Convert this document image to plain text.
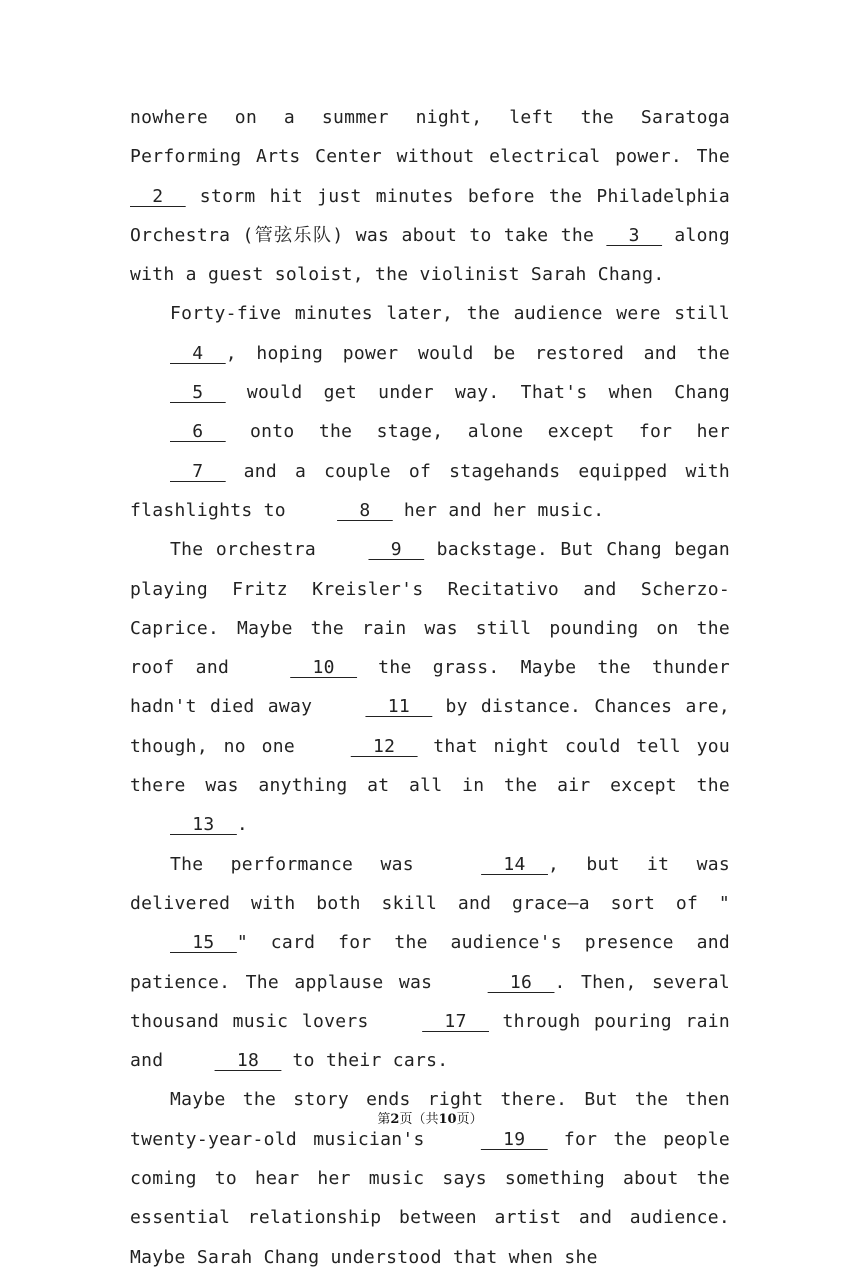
nowhere on a summer night, left the Saratoga Performing Arts Center without electrical power. The   2   storm hit just minutes before the Philadelphia Orchestra (管弦乐队) was about to take the   3   along with a guest soloist, the violinist Sarah Chang.

Forty-five minutes later, the audience were still   4  , hoping power would be restored and the   5   would get under way. That's when Chang   6   onto the stage, alone except for her   7   and a couple of stagehands equipped with flashlights to   8   her and her music.

The orchestra   9   backstage. But Chang began playing Fritz Kreisler's Recitativo and Scherzo-Caprice. Maybe the rain was still pounding on the roof and   10   the grass. Maybe the thunder hadn't died away   11   by distance. Chances are, though, no one   12   that night could tell you there was anything at all in the air except the   13  .

The performance was   14  , but it was delivered with both skill and grace—a sort of "  15  " card for the audience's presence and patience. The applause was   16  . Then, several thousand music lovers   17   through pouring rain and   18   to their cars.

Maybe the story ends right there. But the then twenty-year-old musician's   19   for the people coming to hear her music says something about the essential relationship between artist and audience. Maybe Sarah Chang understood that when she

第2页（共10页）
